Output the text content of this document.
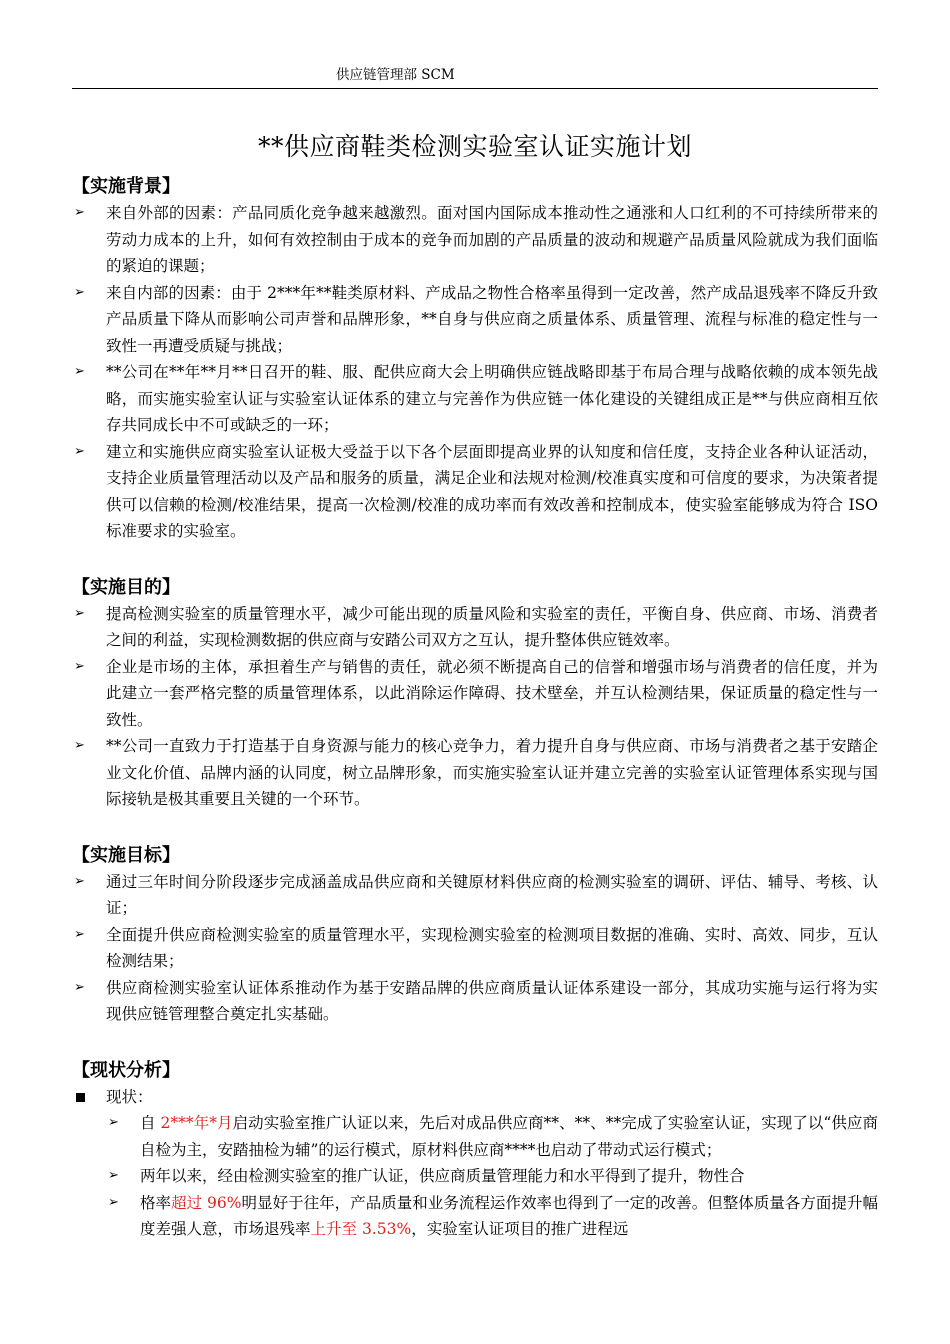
供应链管理部 SCM
**供应商鞋类检测实验室认证实施计划
【实施背景】
➢ 来自外部的因素：产品同质化竞争越来越激烈。面对国内国际成本推动性之通涨和人口红利的不可持续所带来的劳动力成本的上升，如何有效控制由于成本的竞争而加剧的产品质量的波动和规避产品质量风险就成为我们面临的紧迫的课题；
➢ 来自内部的因素：由于 2***年**鞋类原材料、产成品之物性合格率虽得到一定改善，然产成品退残率不降反升致产品质量下降从而影响公司声誉和品牌形象，**自身与供应商之质量体系、质量管理、流程与标准的稳定性与一致性一再遭受质疑与挑战；
➢ **公司在**年**月**日召开的鞋、服、配供应商大会上明确供应链战略即基于布局合理与战略依赖的成本领先战略，而实施实验室认证与实验室认证体系的建立与完善作为供应链一体化建设的关键组成正是**与供应商相互依存共同成长中不可或缺乏的一环；
➢ 建立和实施供应商实验室认证极大受益于以下各个层面即提高业界的认知度和信任度，支持企业各种认证活动，支持企业质量管理活动以及产品和服务的质量，满足企业和法规对检测/校准真实度和可信度的要求，为决策者提供可以信赖的检测/校准结果，提高一次检测/校准的成功率而有效改善和控制成本，使实验室能够成为符合 ISO 标准要求的实验室。
【实施目的】
➢ 提高检测实验室的质量管理水平，减少可能出现的质量风险和实验室的责任，平衡自身、供应商、市场、消费者之间的利益，实现检测数据的供应商与安踏公司双方之互认，提升整体供应链效率。
➢ 企业是市场的主体，承担着生产与销售的责任，就必须不断提高自己的信誉和增强市场与消费者的信任度，并为此建立一套严格完整的质量管理体系，以此消除运作障碍、技术壁垒，并互认检测结果，保证质量的稳定性与一致性。
➢ **公司一直致力于打造基于自身资源与能力的核心竞争力，着力提升自身与供应商、市场与消费者之基于安踏企业文化价值、品牌内涵的认同度，树立品牌形象，而实施实验室认证并建立完善的实验室认证管理体系实现与国际接轨是极其重要且关键的一个环节。
【实施目标】
➢ 通过三年时间分阶段逐步完成涵盖成品供应商和关键原材料供应商的检测实验室的调研、评估、辅导、考核、认证；
➢ 全面提升供应商检测实验室的质量管理水平，实现检测实验室的检测项目数据的准确、实时、高效、同步，互认检测结果；
➢ 供应商检测实验室认证体系推动作为基于安踏品牌的供应商质量认证体系建设一部分，其成功实施与运行将为实现供应链管理整合奠定扎实基础。
【现状分析】
现状：
➢ 自 2***年*月启动实验室推广认证以来，先后对成品供应商**、**、**完成了实验室认证，实现了以“供应商自检为主，安踏抽检为辅”的运行模式，原材料供应商****也启动了带动式运行模式；
➢ 两年以来，经由检测实验室的推广认证，供应商质量管理能力和水平得到了提升，物性合
➢ 格率超过 96%明显好于往年，产品质量和业务流程运作效率也得到了一定的改善。但整体质量各方面提升幅度差强人意，市场退残率上升至 3.53%，实验室认证项目的推广进程远
